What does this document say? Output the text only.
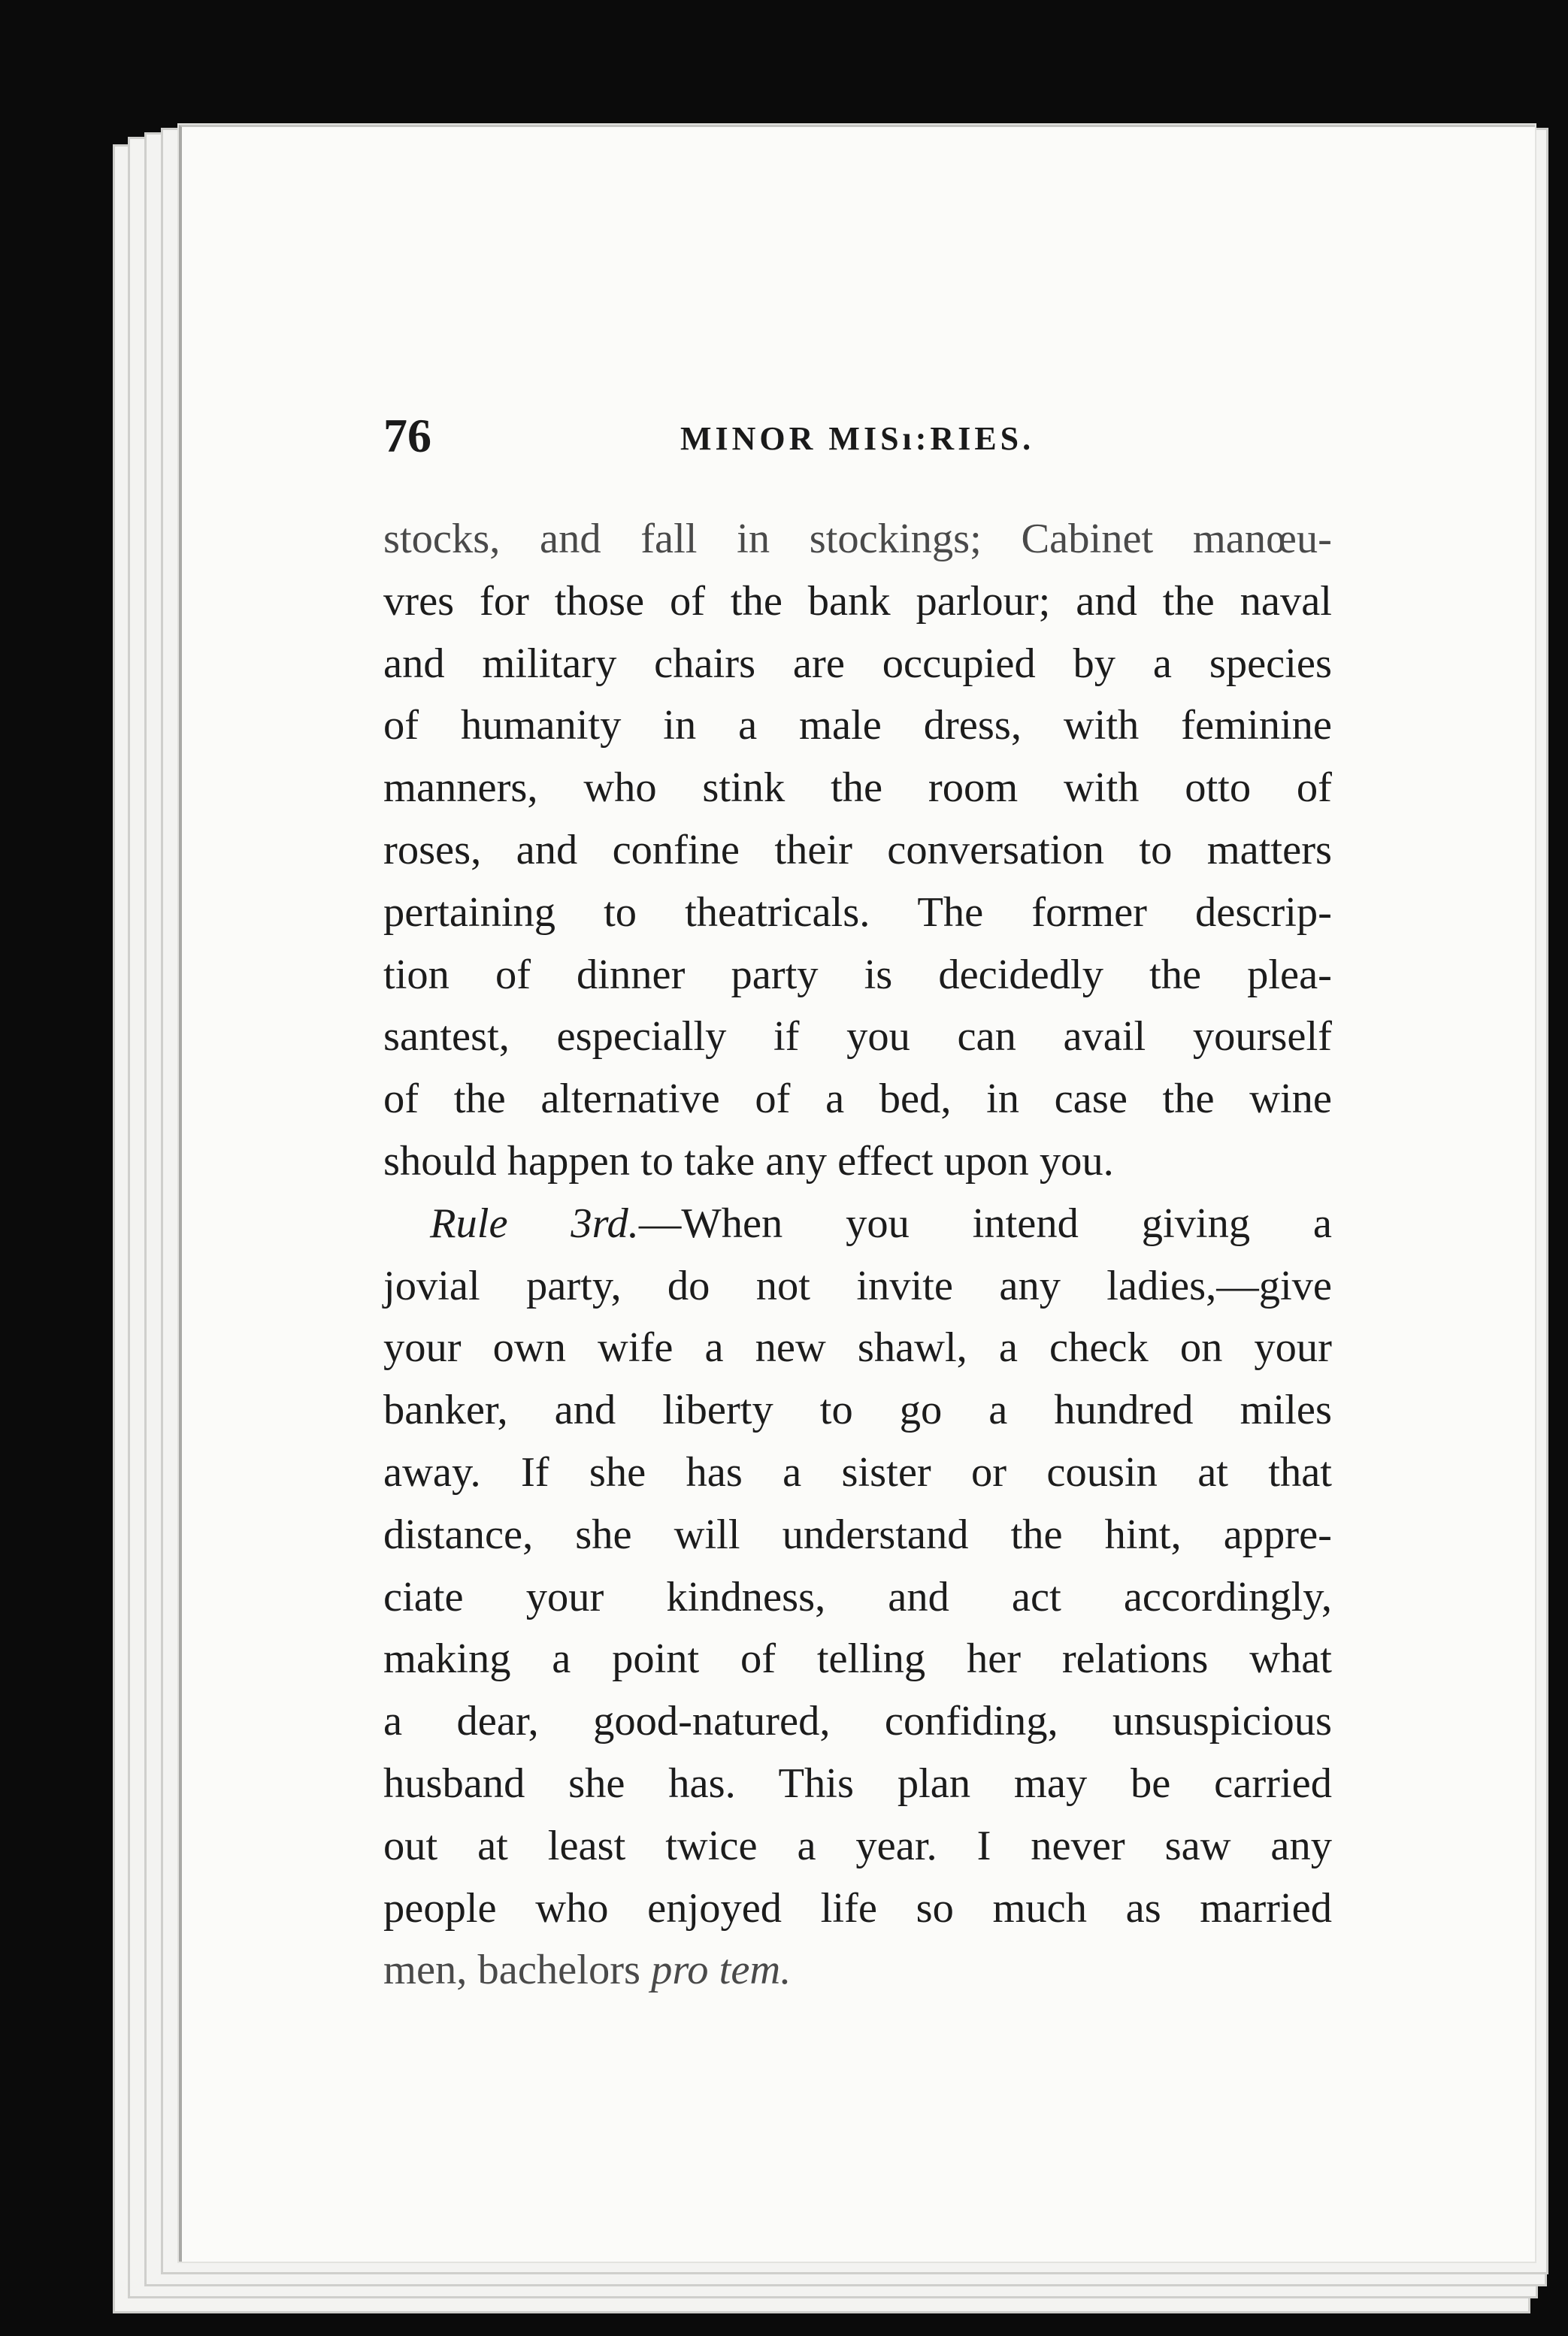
76	MINOR MISı:RIES.
stocks, and fall in stockings; Cabinet manœu-
vres for those of the bank parlour; and the naval
and military chairs are occupied by a species
of humanity in a male dress, with feminine
manners, who stink the room with otto of
roses, and confine their conversation to matters
pertaining to theatricals. The former descrip-
tion of dinner party is decidedly the plea-
santest, especially if you can avail yourself
of the alternative of a bed, in case the wine
should happen to take any effect upon you.
Rule 3rd.—When you intend giving a
jovial party, do not invite any ladies,—give
your own wife a new shawl, a check on your
banker, and liberty to go a hundred miles
away. If she has a sister or cousin at that
distance, she will understand the hint, appre-
ciate your kindness, and act accordingly,
making a point of telling her relations what
a dear, good-natured, confiding, unsuspicious
husband she has. This plan may be carried
out at least twice a year. I never saw any
people who enjoyed life so much as married
men, bachelors pro tem.
